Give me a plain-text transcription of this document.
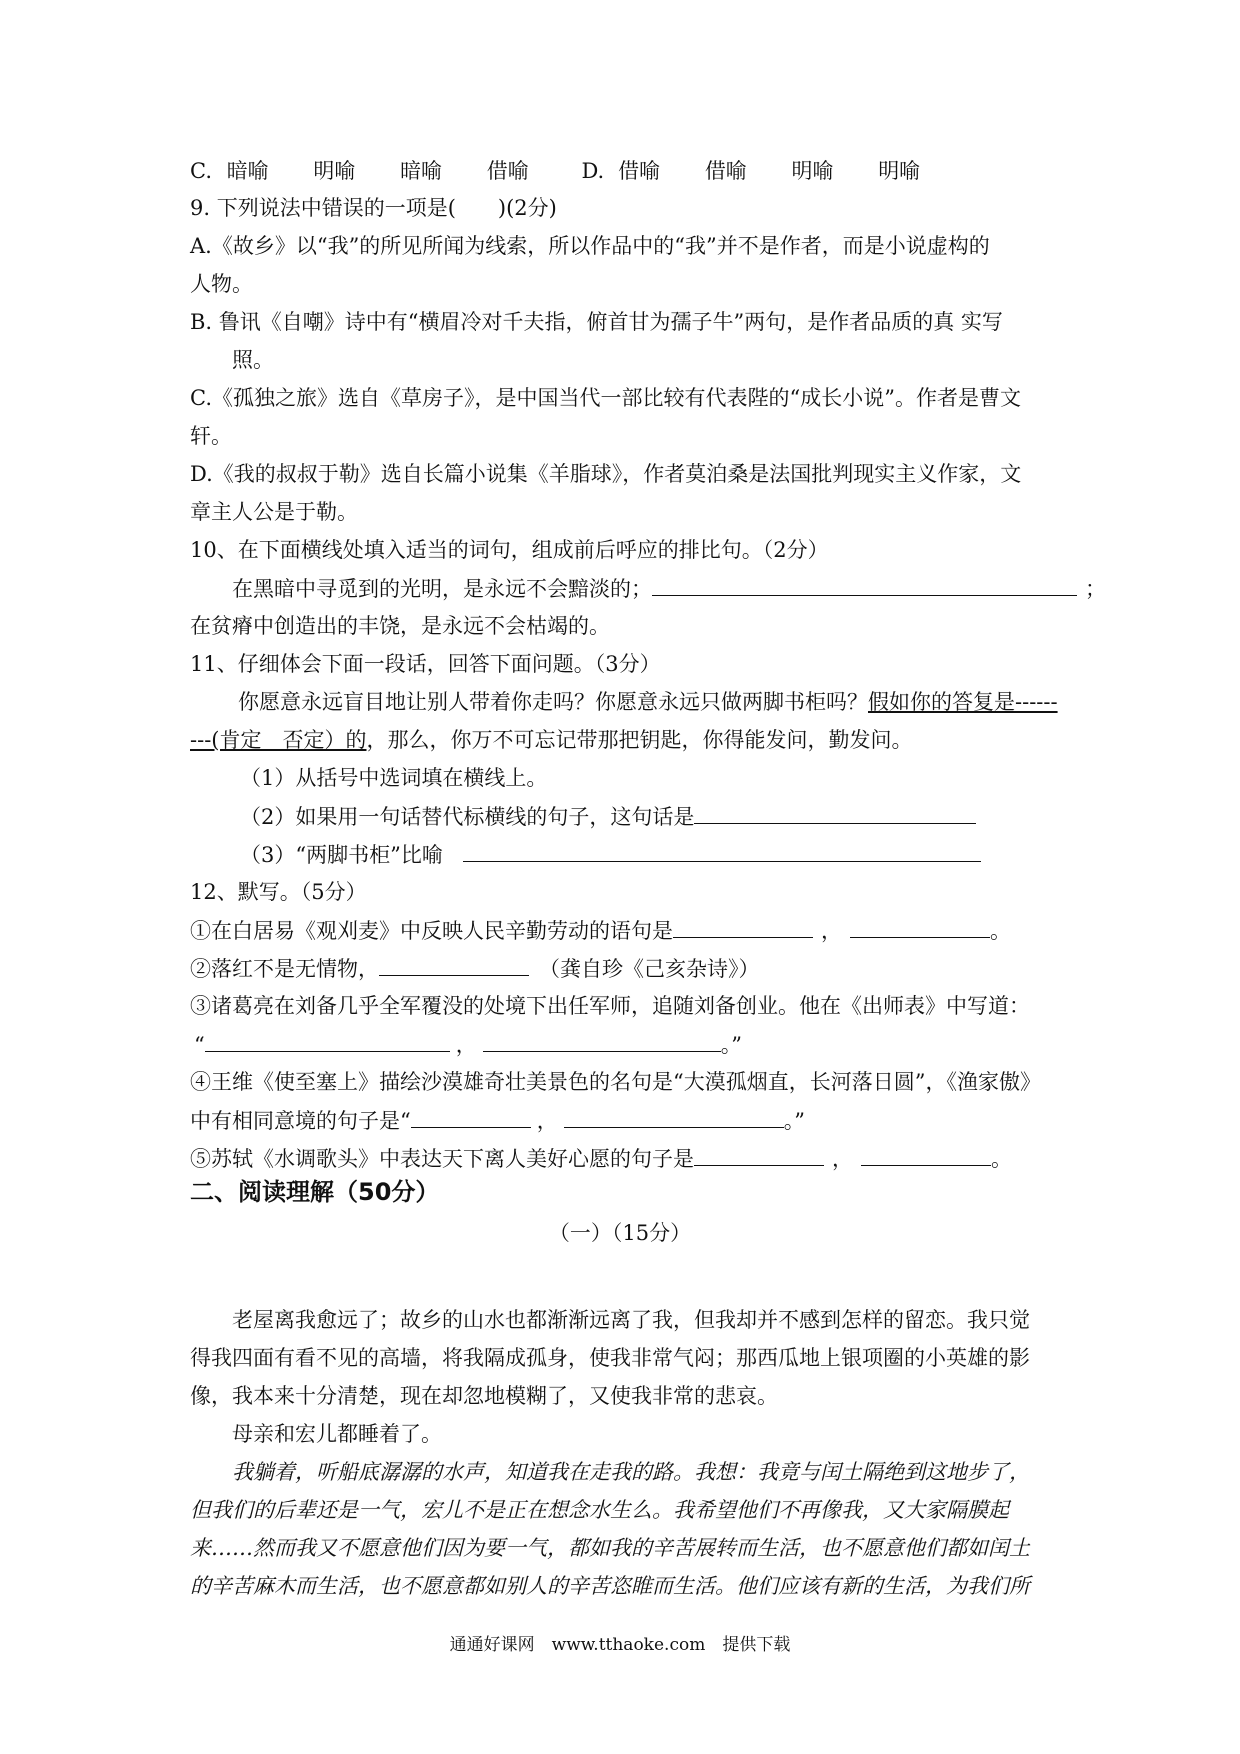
C. 暗喻 明喻 暗喻 借喻	D. 借喻 借喻 明喻 明喻
9. 下列说法中错误的一项是(　　)(2分)
A.《故乡》以“我”的所见所闻为线索，所以作品中的“我”并不是作者，而是小说虚构的
人物。
B. 鲁讯《自嘲》诗中有“横眉冷对千夫指，俯首甘为孺子牛”两句，是作者品质的真 实写
照。
C.《孤独之旅》选自《草房子》，是中国当代一部比较有代表陛的“成长小说”。作者是曹文
轩。
D.《我的叔叔于勒》选自长篇小说集《羊脂球》，作者莫泊桑是法国批判现实主义作家，文
章主人公是于勒。
10、在下面横线处填入适当的词句，组成前后呼应的排比句。（2分）
在黑暗中寻觅到的光明，是永远不会黯淡的；	；
在贫瘠中创造出的丰饶，是永远不会枯竭的。
11、仔细体会下面一段话，回答下面问题。（3分）
你愿意永远盲目地让别人带着你走吗？你愿意永远只做两脚书柜吗？假如你的答复是------
---(肯定　否定）的，那么，你万不可忘记带那把钥匙，你得能发问，勤发问。
（1）从括号中选词填在横线上。
（2）如果用一句话替代标横线的句子，这句话是
（3）“两脚书柜”比喻
12、默写。（5分）
①在白居易《观刈麦》中反映人民辛勤劳动的语句是	，	。
②落红不是无情物，	（龚自珍《己亥杂诗》）
③诸葛亮在刘备几乎全军覆没的处境下出任军师，追随刘备创业。他在《出师表》中写道：
“	，	。”
④王维《使至塞上》描绘沙漠雄奇壮美景色的名句是“大漠孤烟直，长河落日圆”，《渔家傲》
中有相同意境的句子是“	，	。”
⑤苏轼《水调歌头》中表达天下离人美好心愿的句子是	，	。
二、阅读理解（50分）
（一）（15分）
老屋离我愈远了；故乡的山水也都渐渐远离了我，但我却并不感到怎样的留恋。我只觉
得我四面有看不见的高墙，将我隔成孤身，使我非常气闷；那西瓜地上银项圈的小英雄的影
像，我本来十分清楚，现在却忽地模糊了，又使我非常的悲哀。
母亲和宏儿都睡着了。
我躺着，听船底潺潺的水声，知道我在走我的路。我想：我竟与闰土隔绝到这地步了，
但我们的后辈还是一气，宏儿不是正在想念水生么。我希望他们不再像我，又大家隔膜起
来……然而我又不愿意他们因为要一气，都如我的辛苦展转而生活，也不愿意他们都如闰土
的辛苦麻木而生活，也不愿意都如别人的辛苦恣睢而生活。他们应该有新的生活，为我们所
通通好课网　www.tthaoke.com　提供下载
